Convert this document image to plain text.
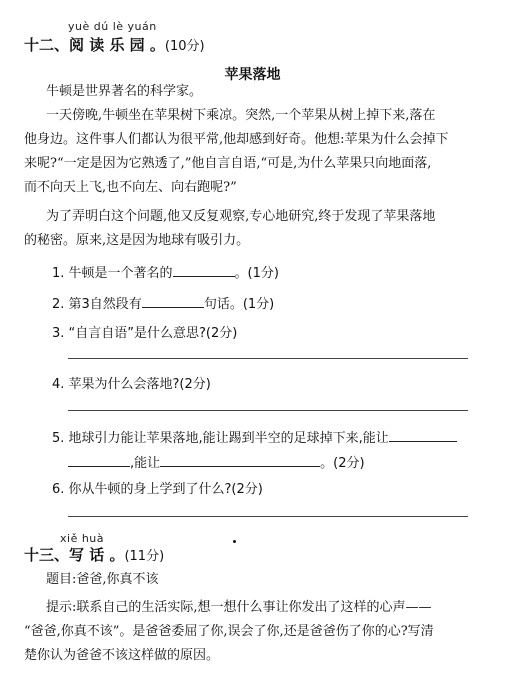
yuè dú lè yuán
十二、阅 读 乐 园 。(10分)
苹果落地
牛顿是世界著名的科学家。
一天傍晚,牛顿坐在苹果树下乘凉。突然,一个苹果从树上掉下来,落在
他身边。这件事人们都认为很平常,他却感到好奇。他想:苹果为什么会掉下
来呢?“一定是因为它熟透了,”他自言自语,“可是,为什么苹果只向地面落,
而不向天上飞,也不向左、向右跑呢?”
为了弄明白这个问题,他又反复观察,专心地研究,终于发现了苹果落地
的秘密。原来,这是因为地球有吸引力。
1. 牛顿是一个著名的	。(1分)
2. 第3自然段有	句话。(1分)
3. “自言自语”是什么意思?(2分)
4. 苹果为什么会落地?(2分)
5. 地球引力能让苹果落地,能让踢到半空的足球掉下来,能让
,能让	。(2分)
6. 你从牛顿的身上学到了什么?(2分)
xiě huà
十三、写 话 。(11分)
题目:爸爸,你真不该
提示:联系自己的生活实际,想一想什么事让你发出了这样的心声——
“爸爸,你真不该”。是爸爸委屈了你,误会了你,还是爸爸伤了你的心?写清
楚你认为爸爸不该这样做的原因。
